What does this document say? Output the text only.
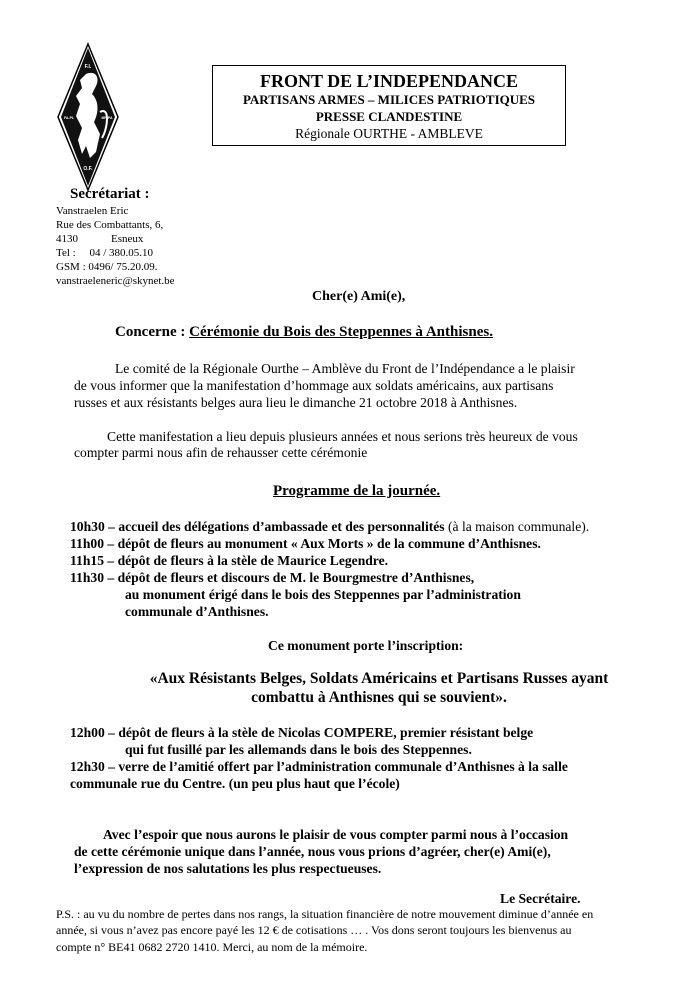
F.I.
FA-PL	MP-PA
O.F.
FRONT DE L’INDEPENDANCE
PARTISANS ARMES – MILICES PATRIOTIQUES
PRESSE CLANDESTINE
Régionale OURTHE - AMBLEVE
Secrétariat :
Vanstraelen Eric
Rue des Combattants, 6,
4130            Esneux
Tel :     04 / 380.05.10
GSM : 0496/ 75.20.09.
vanstraeleneric@skynet.be
Cher(e) Ami(e),
Concerne : Cérémonie du Bois des Steppennes à Anthisnes.
Le comité de la Régionale Ourthe – Amblève du Front de l’Indépendance a le plaisir
de vous informer que la manifestation d’hommage aux soldats américains, aux partisans
russes et aux résistants belges aura lieu le dimanche 21 octobre 2018 à Anthisnes.
Cette manifestation a lieu depuis plusieurs années et nous serions très heureux de vous
compter parmi nous afin de rehausser cette cérémonie
Programme de la journée.
10h30 – accueil des délégations d’ambassade et des personnalités (à la maison communale).
11h00 – dépôt de fleurs au monument « Aux Morts » de la commune d’Anthisnes.
11h15 – dépôt de fleurs à la stèle de Maurice Legendre.
11h30 – dépôt de fleurs et discours de M. le Bourgmestre d’Anthisnes,
au monument érigé dans le bois des Steppennes par l’administration
communale d’Anthisnes.
Ce monument porte l’inscription:
«Aux Résistants Belges, Soldats Américains et Partisans Russes ayant
combattu à Anthisnes qui se souvient».
12h00 – dépôt de fleurs à la stèle de Nicolas COMPERE, premier résistant belge
qui fut fusillé par les allemands dans le bois des Steppennes.
12h30 – verre de l’amitié offert par l’administration communale d’Anthisnes à la salle
communale rue du Centre. (un peu plus haut que l’école)
Avec l’espoir que nous aurons le plaisir de vous compter parmi nous à l’occasion
de cette cérémonie unique dans l’année, nous vous prions d’agréer, cher(e) Ami(e),
l’expression de nos salutations les plus respectueuses.
Le Secrétaire.
P.S. : au vu du nombre de pertes dans nos rangs, la situation financière de notre mouvement diminue d’année en
année, si vous n’avez pas encore payé les 12 € de cotisations … . Vos dons seront toujours les bienvenus au
compte n° BE41 0682 2720 1410. Merci, au nom de la mémoire.
